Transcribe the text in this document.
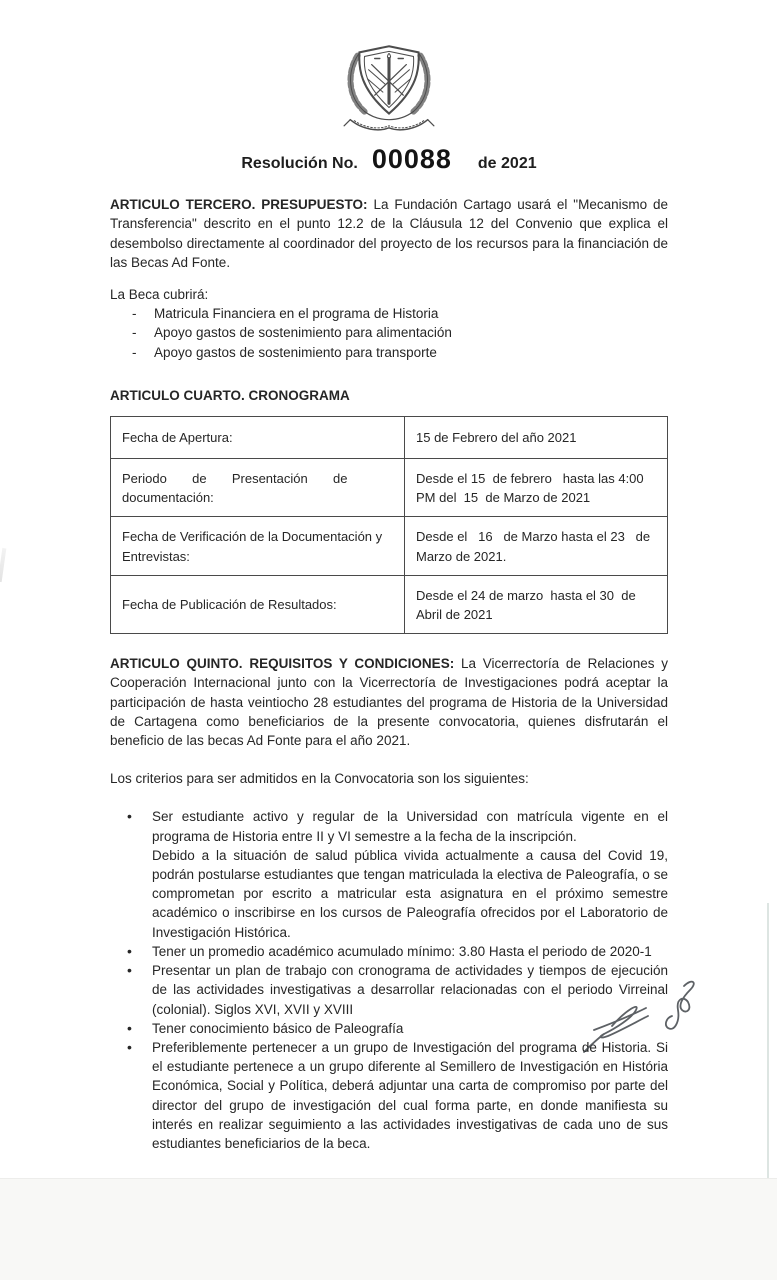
Resolución No. 00088 de 2021

ARTICULO TERCERO. PRESUPUESTO: La Fundación Cartago usará el "Mecanismo de Transferencia" descrito en el punto 12.2 de la Cláusula 12 del Convenio que explica el desembolso directamente al coordinador del proyecto de los recursos para la financiación de las Becas Ad Fonte.

La Beca cubrirá:

-	Matricula Financiera en el programa de Historia
-	Apoyo gastos de sostenimiento para alimentación
-	Apoyo gastos de sostenimiento para transporte

ARTICULO CUARTO. CRONOGRAMA

Fecha de Apertura:	15 de Febrero del año 2021
Periodo       de       Presentación       de documentación:	Desde el 15  de febrero   hasta las 4:00 PM del  15  de Marzo de 2021
Fecha de Verificación de la Documentación y Entrevistas:	Desde el   16   de Marzo hasta el 23   de Marzo de 2021.
Fecha de Publicación de Resultados:	Desde el 24 de marzo  hasta el 30  de Abril de 2021

ARTICULO QUINTO. REQUISITOS Y CONDICIONES: La Vicerrectoría de Relaciones y Cooperación Internacional junto con la Vicerrectoría de Investigaciones podrá aceptar la participación de hasta veintiocho 28 estudiantes del programa de Historia de la Universidad de Cartagena como beneficiarios de la presente convocatoria, quienes disfrutarán el beneficio de las becas Ad Fonte para el año 2021.

Los criterios para ser admitidos en la Convocatoria son los siguientes:

•	Ser estudiante activo y regular de la Universidad con matrícula vigente en el programa de Historia entre II y VI semestre a la fecha de la inscripción.
Debido a la situación de salud pública vivida actualmente a causa del Covid 19, podrán postularse estudiantes que tengan matriculada la electiva de Paleografía, o se comprometan por escrito a matricular esta asignatura en el próximo semestre académico o inscribirse en los cursos de Paleografía ofrecidos por el Laboratorio de Investigación Histórica.
•	Tener un promedio académico acumulado mínimo: 3.80 Hasta el periodo de 2020-1
•	Presentar un plan de trabajo con cronograma de actividades y tiempos de ejecución de las actividades investigativas a desarrollar relacionadas con el periodo Virreinal (colonial). Siglos XVI, XVII y XVIII
•	Tener conocimiento básico de Paleografía
•	Preferiblemente pertenecer a un grupo de Investigación del programa de Historia. Si el estudiante pertenece a un grupo diferente al Semillero de Investigación en História Económica, Social y Política, deberá adjuntar una carta de compromiso por parte del director del grupo de investigación del cual forma parte, en donde manifiesta su interés en realizar seguimiento a las actividades investigativas de cada uno de sus estudiantes beneficiarios de la beca.
